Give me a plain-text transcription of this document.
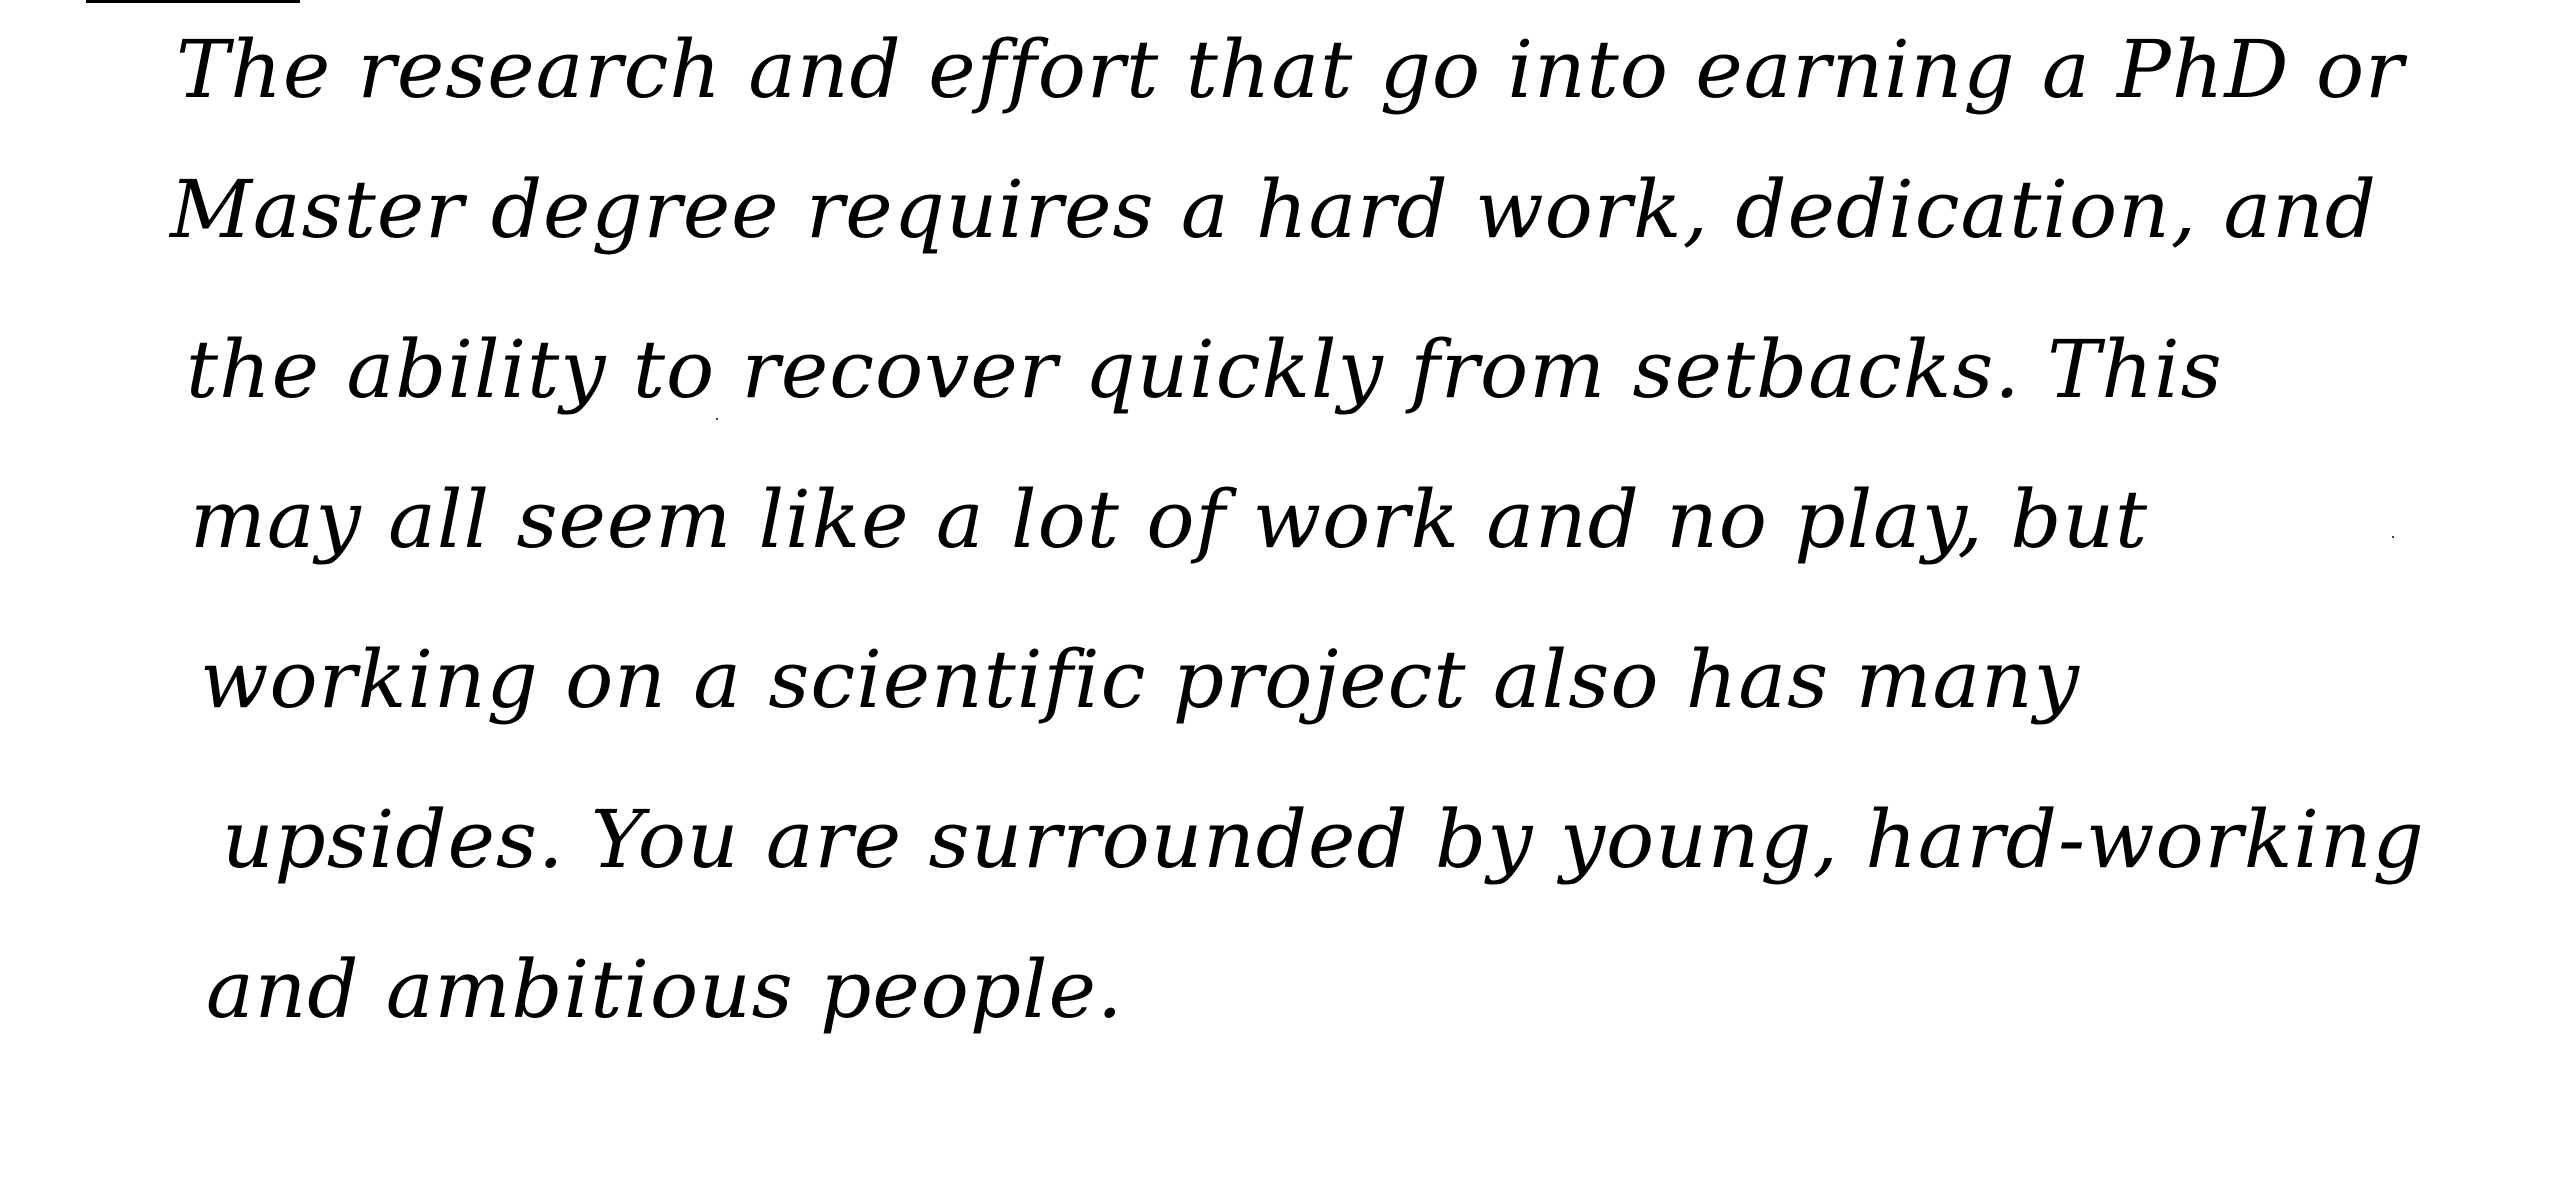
The research and effort that go into earning a PhD or

Master degree requires a hard work, dedication, and

the ability to recover quickly from setbacks. This

may all seem like a lot of work and no play, but

working on a scientific project also has many

upsides. You are surrounded by young, hard-working

and ambitious people.
